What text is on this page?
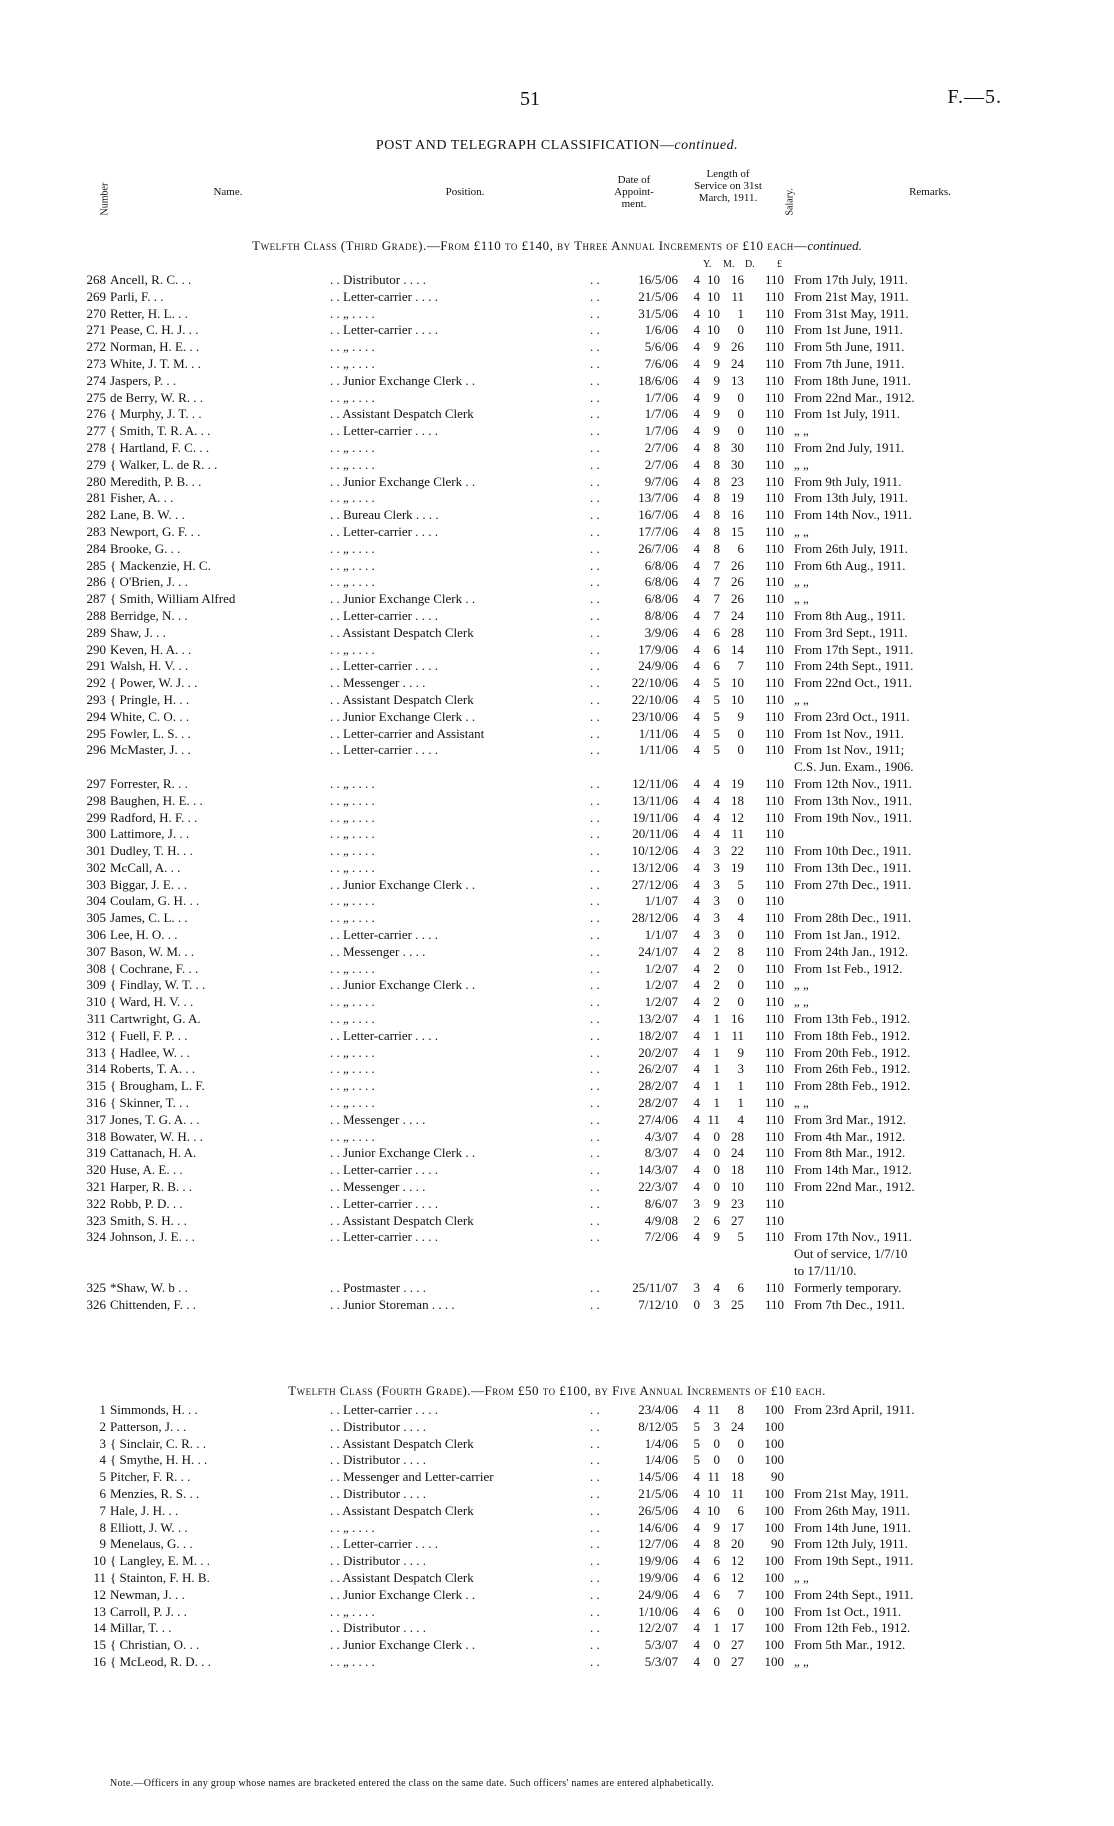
51	F.—5.
POST AND TELEGRAPH CLASSIFICATION—continued.
Number	Name.	Position.
Date of Appoint-ment.
Length of Service on 31st March, 1911.	Salary.	Remarks.
Twelfth Class (Third Grade).—From £110 to £140, by Three Annual Increments of £10 each—continued.
Y. M. D. £
268	Ancell, R. C. . .	. . Distributor . . . .	. .	16/5/06	4	10	16	110	From 17th July, 1911.
269	Parli, F. . .	. . Letter-carrier . . . .	. .	21/5/06	4	10	11	110	From 21st May, 1911.
270	Retter, H. L. . .	. . „ . . . .	. .	31/5/06	4	10	1	110	From 31st May, 1911.
271	Pease, C. H. J. . .	. . Letter-carrier . . . .	. .	1/6/06	4	10	0	110	From 1st June, 1911.
272	Norman, H. E. . .	. . „ . . . .	. .	5/6/06	4	9	26	110	From 5th June, 1911.
273	White, J. T. M. . .	. . „ . . . .	. .	7/6/06	4	9	24	110	From 7th June, 1911.
274	Jaspers, P. . .	. . Junior Exchange Clerk . .	. .	18/6/06	4	9	13	110	From 18th June, 1911.
275	de Berry, W. R. . .	. . „ . . . .	. .	1/7/06	4	9	0	110	From 22nd Mar., 1912.
276	{ Murphy, J. T. . .	. . Assistant Despatch Clerk	. .	1/7/06	4	9	0	110	From 1st July, 1911.
277	{ Smith, T. R. A. . .	. . Letter-carrier . . . .	. .	1/7/06	4	9	0	110	„ „
278	{ Hartland, F. C. . .	. . „ . . . .	. .	2/7/06	4	8	30	110	From 2nd July, 1911.
279	{ Walker, L. de R. . .	. . „ . . . .	. .	2/7/06	4	8	30	110	„ „
280	Meredith, P. B. . .	. . Junior Exchange Clerk . .	. .	9/7/06	4	8	23	110	From 9th July, 1911.
281	Fisher, A. . .	. . „ . . . .	. .	13/7/06	4	8	19	110	From 13th July, 1911.
282	Lane, B. W. . .	. . Bureau Clerk . . . .	. .	16/7/06	4	8	16	110	From 14th Nov., 1911.
283	Newport, G. F. . .	. . Letter-carrier . . . .	. .	17/7/06	4	8	15	110	„ „
284	Brooke, G. . .	. . „ . . . .	. .	26/7/06	4	8	6	110	From 26th July, 1911.
285	{ Mackenzie, H. C.	. . „ . . . .	. .	6/8/06	4	7	26	110	From 6th Aug., 1911.
286	{ O'Brien, J. . .	. . „ . . . .	. .	6/8/06	4	7	26	110	„ „
287	{ Smith, William Alfred	. . Junior Exchange Clerk . .	. .	6/8/06	4	7	26	110	„ „
288	Berridge, N. . .	. . Letter-carrier . . . .	. .	8/8/06	4	7	24	110	From 8th Aug., 1911.
289	Shaw, J. . .	. . Assistant Despatch Clerk	. .	3/9/06	4	6	28	110	From 3rd Sept., 1911.
290	Keven, H. A. . .	. . „ . . . .	. .	17/9/06	4	6	14	110	From 17th Sept., 1911.
291	Walsh, H. V. . .	. . Letter-carrier . . . .	. .	24/9/06	4	6	7	110	From 24th Sept., 1911.
292	{ Power, W. J. . .	. . Messenger . . . .	. .	22/10/06	4	5	10	110	From 22nd Oct., 1911.
293	{ Pringle, H. . .	. . Assistant Despatch Clerk	. .	22/10/06	4	5	10	110	„ „
294	White, C. O. . .	. . Junior Exchange Clerk . .	. .	23/10/06	4	5	9	110	From 23rd Oct., 1911.
295	Fowler, L. S. . .	. . Letter-carrier and Assistant	. .	1/11/06	4	5	0	110	From 1st Nov., 1911.
296	McMaster, J. . .	. . Letter-carrier . . . .	. .	1/11/06	4	5	0	110	From 1st Nov., 1911;
									C.S. Jun. Exam., 1906.
297	Forrester, R. . .	. . „ . . . .	. .	12/11/06	4	4	19	110	From 12th Nov., 1911.
298	Baughen, H. E. . .	. . „ . . . .	. .	13/11/06	4	4	18	110	From 13th Nov., 1911.
299	Radford, H. F. . .	. . „ . . . .	. .	19/11/06	4	4	12	110	From 19th Nov., 1911.
300	Lattimore, J. . .	. . „ . . . .	. .	20/11/06	4	4	11	110	
301	Dudley, T. H. . .	. . „ . . . .	. .	10/12/06	4	3	22	110	From 10th Dec., 1911.
302	McCall, A. . .	. . „ . . . .	. .	13/12/06	4	3	19	110	From 13th Dec., 1911.
303	Biggar, J. E. . .	. . Junior Exchange Clerk . .	. .	27/12/06	4	3	5	110	From 27th Dec., 1911.
304	Coulam, G. H. . .	. . „ . . . .	. .	1/1/07	4	3	0	110	
305	James, C. L. . .	. . „ . . . .	. .	28/12/06	4	3	4	110	From 28th Dec., 1911.
306	Lee, H. O. . .	. . Letter-carrier . . . .	. .	1/1/07	4	3	0	110	From 1st Jan., 1912.
307	Bason, W. M. . .	. . Messenger . . . .	. .	24/1/07	4	2	8	110	From 24th Jan., 1912.
308	{ Cochrane, F. . .	. . „ . . . .	. .	1/2/07	4	2	0	110	From 1st Feb., 1912.
309	{ Findlay, W. T. . .	. . Junior Exchange Clerk . .	. .	1/2/07	4	2	0	110	„ „
310	{ Ward, H. V. . .	. . „ . . . .	. .	1/2/07	4	2	0	110	„ „
311	Cartwright, G. A.	. . „ . . . .	. .	13/2/07	4	1	16	110	From 13th Feb., 1912.
312	{ Fuell, F. P. . .	. . Letter-carrier . . . .	. .	18/2/07	4	1	11	110	From 18th Feb., 1912.
313	{ Hadlee, W. . .	. . „ . . . .	. .	20/2/07	4	1	9	110	From 20th Feb., 1912.
314	Roberts, T. A. . .	. . „ . . . .	. .	26/2/07	4	1	3	110	From 26th Feb., 1912.
315	{ Brougham, L. F.	. . „ . . . .	. .	28/2/07	4	1	1	110	From 28th Feb., 1912.
316	{ Skinner, T. . .	. . „ . . . .	. .	28/2/07	4	1	1	110	„ „
317	Jones, T. G. A. . .	. . Messenger . . . .	. .	27/4/06	4	11	4	110	From 3rd Mar., 1912.
318	Bowater, W. H. . .	. . „ . . . .	. .	4/3/07	4	0	28	110	From 4th Mar., 1912.
319	Cattanach, H. A.	. . Junior Exchange Clerk . .	. .	8/3/07	4	0	24	110	From 8th Mar., 1912.
320	Huse, A. E. . .	. . Letter-carrier . . . .	. .	14/3/07	4	0	18	110	From 14th Mar., 1912.
321	Harper, R. B. . .	. . Messenger . . . .	. .	22/3/07	4	0	10	110	From 22nd Mar., 1912.
322	Robb, P. D. . .	. . Letter-carrier . . . .	. .	8/6/07	3	9	23	110	
323	Smith, S. H. . .	. . Assistant Despatch Clerk	. .	4/9/08	2	6	27	110	
324	Johnson, J. E. . .	. . Letter-carrier . . . .	. .	7/2/06	4	9	5	110	From 17th Nov., 1911.
									Out of service, 1/7/10
									to 17/11/10.
325	*Shaw, W. b . .	. . Postmaster . . . .	. .	25/11/07	3	4	6	110	Formerly temporary.
326	Chittenden, F. . .	. . Junior Storeman . . . .	. .	7/12/10	0	3	25	110	From 7th Dec., 1911.
Twelfth Class (Fourth Grade).—From £50 to £100, by Five Annual Increments of £10 each.
1	Simmonds, H. . .	. . Letter-carrier . . . .	. .	23/4/06	4	11	8	100	From 23rd April, 1911.
2	Patterson, J. . .	. . Distributor . . . .	. .	8/12/05	5	3	24	100	
3	{ Sinclair, C. R. . .	. . Assistant Despatch Clerk	. .	1/4/06	5	0	0	100	
4	{ Smythe, H. H. . .	. . Distributor . . . .	. .	1/4/06	5	0	0	100	
5	Pitcher, F. R. . .	. . Messenger and Letter-carrier	. .	14/5/06	4	11	18	90	
6	Menzies, R. S. . .	. . Distributor . . . .	. .	21/5/06	4	10	11	100	From 21st May, 1911.
7	Hale, J. H. . .	. . Assistant Despatch Clerk	. .	26/5/06	4	10	6	100	From 26th May, 1911.
8	Elliott, J. W. . .	. . „ . . . .	. .	14/6/06	4	9	17	100	From 14th June, 1911.
9	Menelaus, G. . .	. . Letter-carrier . . . .	. .	12/7/06	4	8	20	90	From 12th July, 1911.
10	{ Langley, E. M. . .	. . Distributor . . . .	. .	19/9/06	4	6	12	100	From 19th Sept., 1911.
11	{ Stainton, F. H. B.	. . Assistant Despatch Clerk	. .	19/9/06	4	6	12	100	„ „
12	Newman, J. . .	. . Junior Exchange Clerk . .	. .	24/9/06	4	6	7	100	From 24th Sept., 1911.
13	Carroll, P. J. . .	. . „ . . . .	. .	1/10/06	4	6	0	100	From 1st Oct., 1911.
14	Millar, T. . .	. . Distributor . . . .	. .	12/2/07	4	1	17	100	From 12th Feb., 1912.
15	{ Christian, O. . .	. . Junior Exchange Clerk . .	. .	5/3/07	4	0	27	100	From 5th Mar., 1912.
16	{ McLeod, R. D. . .	. . „ . . . .	. .	5/3/07	4	0	27	100	„ „
Note.—Officers in any group whose names are bracketed entered the class on the same date. Such officers' names are entered alphabetically.
